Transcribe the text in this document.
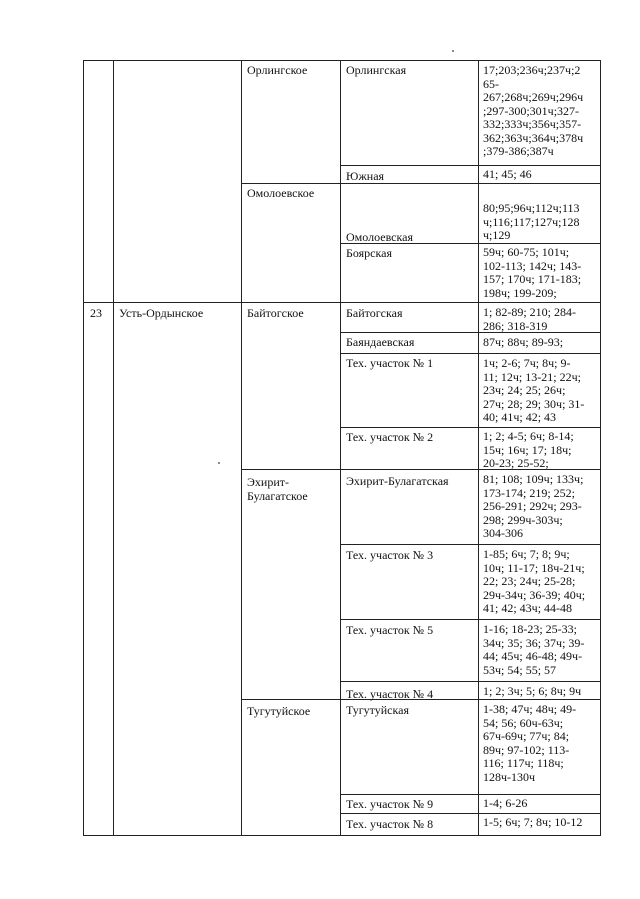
23 Усть-Ордынское
Орлингское
Омолоевское
Байтогское
Эхирит-
Булагатское
Тугутуйское
Орлингская
Южная
Омолоевская
Боярская
Байтогская
Баяндаевская
Тех. участок № 1
Тех. участок № 2
Эхирит-Булагатская
Тех. участок № 3
Тех. участок № 5
Тех. участок № 4
Тугутуйская
Тех. участок № 9
Тех. участок № 8
17;203;236ч;237ч;2
65-
267;268ч;269ч;296ч
;297-300;301ч;327-
332;333ч;356ч;357-
362;363ч;364ч;378ч
;379-386;387ч
41; 45; 46
80;95;96ч;112ч;113
ч;116;117;127ч;128
ч;129
59ч; 60-75; 101ч;
102-113; 142ч; 143-
157; 170ч; 171-183;
198ч; 199-209;
1; 82-89; 210; 284-
286; 318-319
87ч; 88ч; 89-93;
1ч; 2-6; 7ч; 8ч; 9-
11; 12ч; 13-21; 22ч;
23ч; 24; 25; 26ч;
27ч; 28; 29; 30ч; 31-
40; 41ч; 42; 43
1; 2; 4-5; 6ч; 8-14;
15ч; 16ч; 17; 18ч;
20-23; 25-52;
81; 108; 109ч; 133ч;
173-174; 219; 252;
256-291; 292ч; 293-
298; 299ч-303ч;
304-306
1-85; 6ч; 7; 8; 9ч;
10ч; 11-17; 18ч-21ч;
22; 23; 24ч; 25-28;
29ч-34ч; 36-39; 40ч;
41; 42; 43ч; 44-48
1-16; 18-23; 25-33;
34ч; 35; 36; 37ч; 39-
44; 45ч; 46-48; 49ч-
53ч; 54; 55; 57
1; 2; 3ч; 5; 6; 8ч; 9ч
1-38; 47ч; 48ч; 49-
54; 56; 60ч-63ч;
67ч-69ч; 77ч; 84;
89ч; 97-102; 113-
116; 117ч; 118ч;
128ч-130ч
1-4; 6-26
1-5; 6ч; 7; 8ч; 10-12
